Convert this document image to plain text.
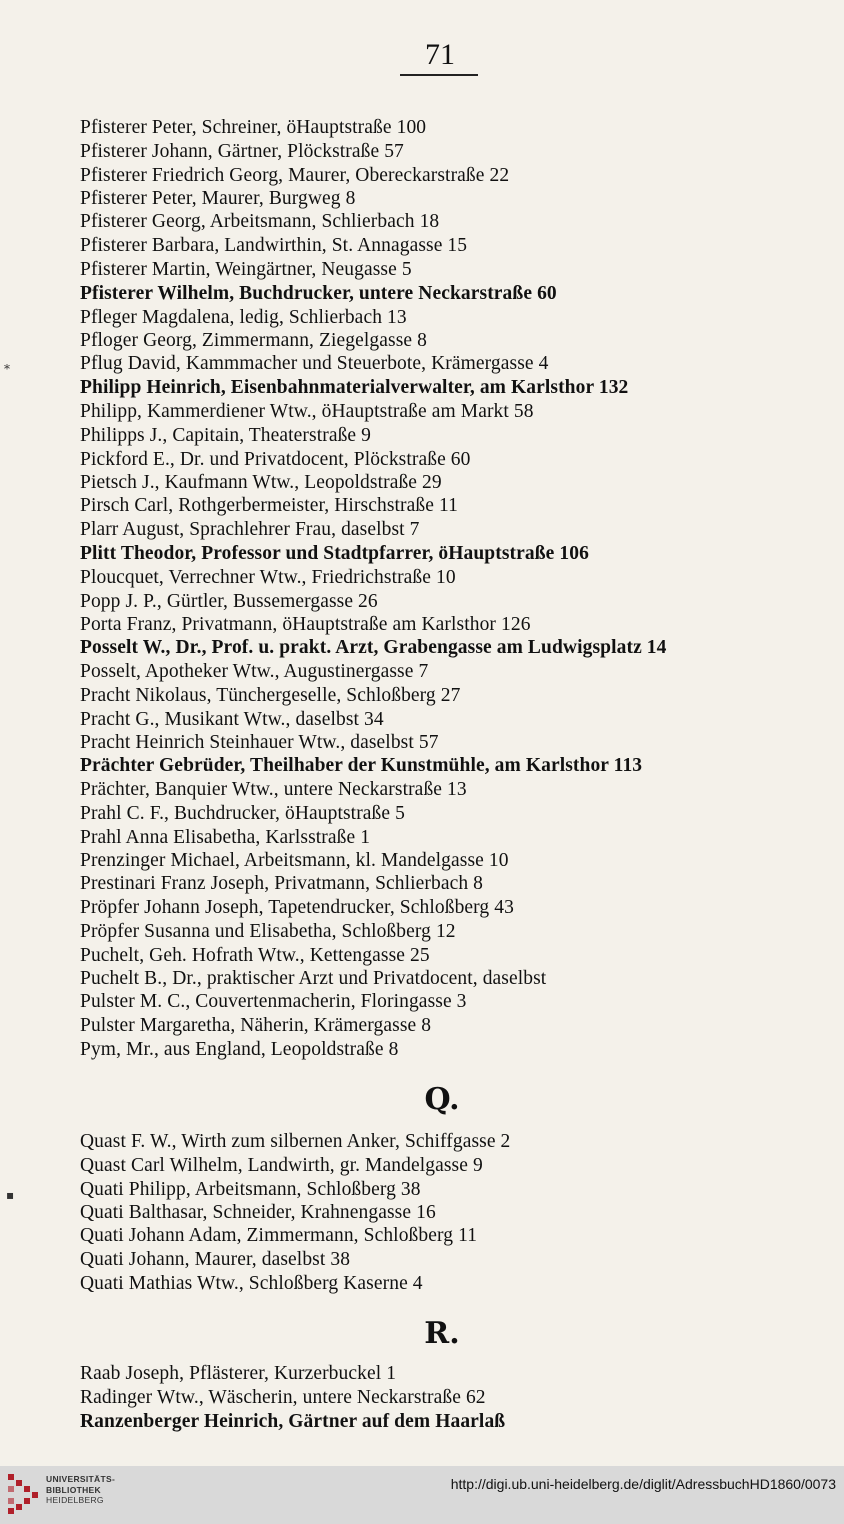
71
*
▪
Pfisterer Peter, Schreiner, öHauptstraße 100
Pfisterer Johann, Gärtner, Plöckstraße 57
Pfisterer Friedrich Georg, Maurer, Obereckarstraße 22
Pfisterer Peter, Maurer, Burgweg 8
Pfisterer Georg, Arbeitsmann, Schlierbach 18
Pfisterer Barbara, Landwirthin, St. Annagasse 15
Pfisterer Martin, Weingärtner, Neugasse 5
Pfisterer Wilhelm, Buchdrucker, untere Neckarstraße 60
Pfleger Magdalena, ledig, Schlierbach 13
Pfloger Georg, Zimmermann, Ziegelgasse 8
Pflug David, Kammmacher und Steuerbote, Krämergasse 4
Philipp Heinrich, Eisenbahnmaterialverwalter, am Karlsthor 132
Philipp, Kammerdiener Wtw., öHauptstraße am Markt 58
Philipps J., Capitain, Theaterstraße 9
Pickford E., Dr. und Privatdocent, Plöckstraße 60
Pietsch J., Kaufmann Wtw., Leopoldstraße 29
Pirsch Carl, Rothgerbermeister, Hirschstraße 11
Plarr August, Sprachlehrer Frau, daselbst 7
Plitt Theodor, Professor und Stadtpfarrer, öHauptstraße 106
Ploucquet, Verrechner Wtw., Friedrichstraße 10
Popp J. P., Gürtler, Bussemergasse 26
Porta Franz, Privatmann, öHauptstraße am Karlsthor 126
Posselt W., Dr., Prof. u. prakt. Arzt, Grabengasse am Ludwigsplatz 14
Posselt, Apotheker Wtw., Augustinergasse 7
Pracht Nikolaus, Tünchergeselle, Schloßberg 27
Pracht G., Musikant Wtw., daselbst 34
Pracht Heinrich Steinhauer Wtw., daselbst 57
Prächter Gebrüder, Theilhaber der Kunstmühle, am Karlsthor 113
Prächter, Banquier Wtw., untere Neckarstraße 13
Prahl C. F., Buchdrucker, öHauptstraße 5
Prahl Anna Elisabetha, Karlsstraße 1
Prenzinger Michael, Arbeitsmann, kl. Mandelgasse 10
Prestinari Franz Joseph, Privatmann, Schlierbach 8
Pröpfer Johann Joseph, Tapetendrucker, Schloßberg 43
Pröpfer Susanna und Elisabetha, Schloßberg 12
Puchelt, Geh. Hofrath Wtw., Kettengasse 25
Puchelt B., Dr., praktischer Arzt und Privatdocent, daselbst
Pulster M. C., Couvertenmacherin, Floringasse 3
Pulster Margaretha, Näherin, Krämergasse 8
Pym, Mr., aus England, Leopoldstraße 8
Q.
Quast F. W., Wirth zum silbernen Anker, Schiffgasse 2
Quast Carl Wilhelm, Landwirth, gr. Mandelgasse 9
Quati Philipp, Arbeitsmann, Schloßberg 38
Quati Balthasar, Schneider, Krahnengasse 16
Quati Johann Adam, Zimmermann, Schloßberg 11
Quati Johann, Maurer, daselbst 38
Quati Mathias Wtw., Schloßberg Kaserne 4
R.
Raab Joseph, Pflästerer, Kurzerbuckel 1
Radinger Wtw., Wäscherin, untere Neckarstraße 62
Ranzenberger Heinrich, Gärtner auf dem Haarlaß
UNIVERSITÄTS-
BIBLIOTHEK
HEIDELBERG
http://digi.ub.uni-heidelberg.de/diglit/AdressbuchHD1860/0073
